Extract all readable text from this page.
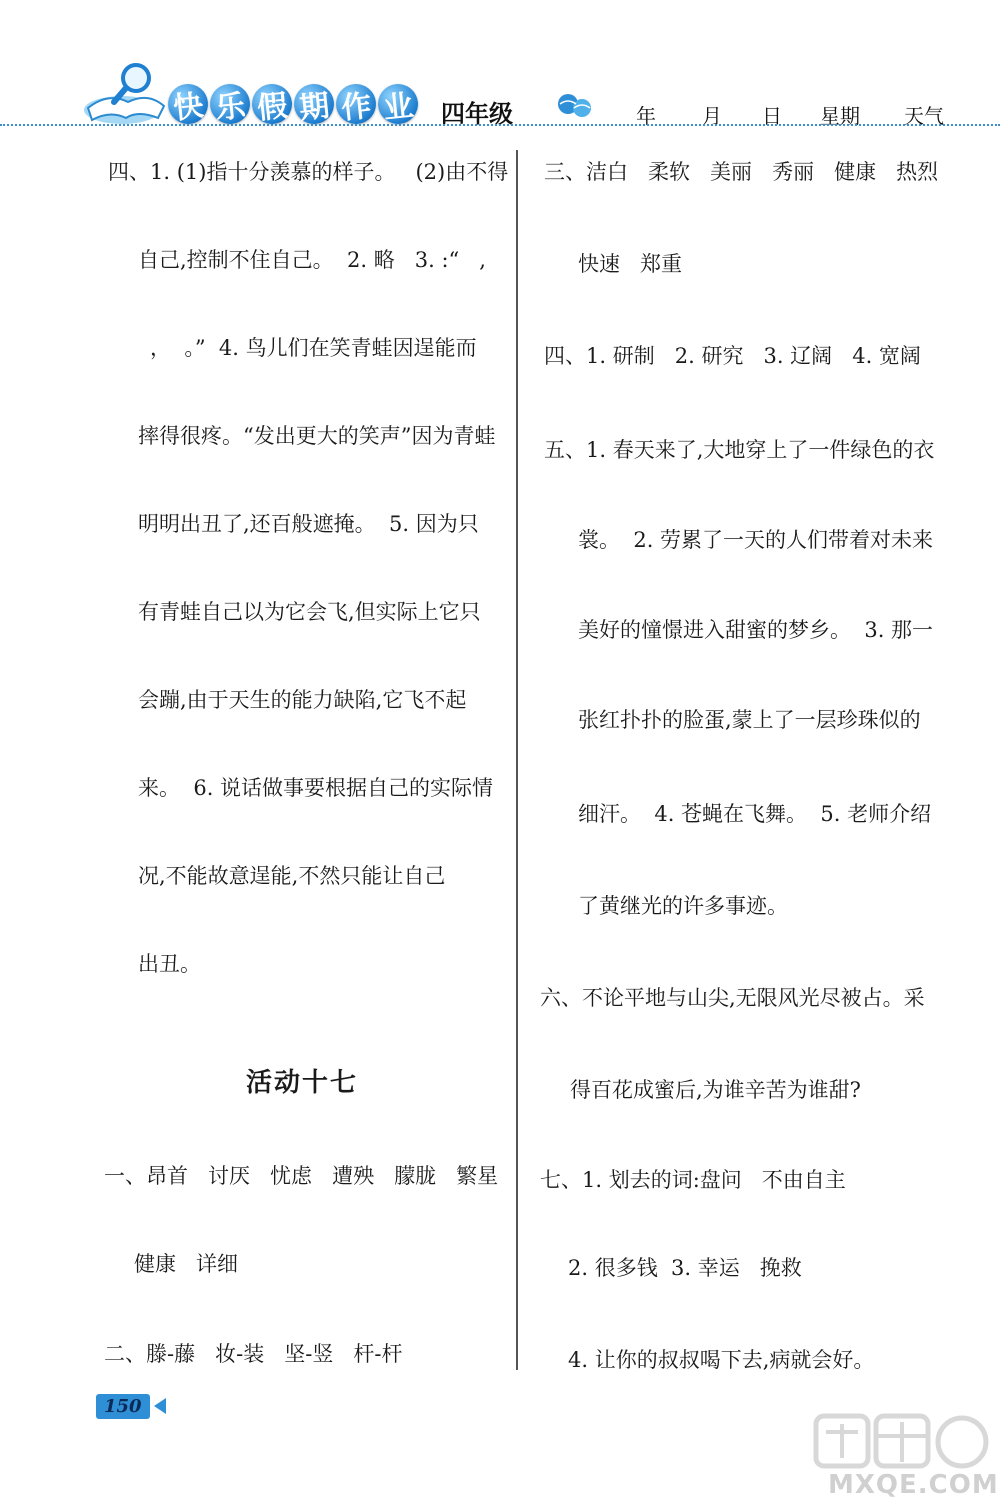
快 乐 假 期 作 业 四年级	年 月 日 星期 天气
四、1. (1)指十分羡慕的样子。   (2)由不得
自己,控制不住自己。  2. 略   3. :“   ,
，  。”  4. 鸟儿们在笑青蛙因逞能而
摔得很疼。“发出更大的笑声”因为青蛙
明明出丑了,还百般遮掩。  5. 因为只
有青蛙自己以为它会飞,但实际上它只
会蹦,由于天生的能力缺陷,它飞不起
来。  6. 说话做事要根据自己的实际情
况,不能故意逞能,不然只能让自己
出丑。
活动十七
一、昂首   讨厌   忧虑   遭殃   朦胧   繁星
健康   详细
二、滕-藤   妆-装   坚-竖   杆-杆
三、洁白   柔软   美丽   秀丽   健康   热烈
快速   郑重
四、1. 研制   2. 研究   3. 辽阔   4. 宽阔
五、1. 春天来了,大地穿上了一件绿色的衣
裳。  2. 劳累了一天的人们带着对未来
美好的憧憬进入甜蜜的梦乡。  3. 那一
张红扑扑的脸蛋,蒙上了一层珍珠似的
细汗。  4. 苍蝇在飞舞。  5. 老师介绍
了黄继光的许多事迹。
六、不论平地与山尖,无限风光尽被占。采
得百花成蜜后,为谁辛苦为谁甜?
七、1. 划去的词:盘问   不由自主
2. 很多钱  3. 幸运   挽救
4. 让你的叔叔喝下去,病就会好。
150
MXQE.COM
